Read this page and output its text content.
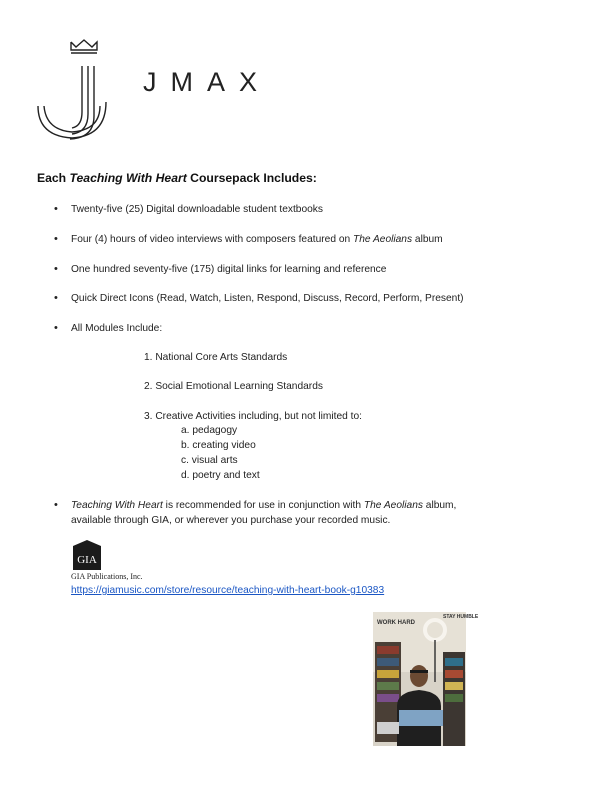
JMAX
Each Teaching With Heart Coursepack Includes:
• Twenty-five (25) Digital downloadable student textbooks
• Four (4) hours of video interviews with composers featured on The Aeolians album
• One hundred seventy-five (175) digital links for learning and reference
• Quick Direct Icons (Read, Watch, Listen, Respond, Discuss, Record, Perform, Present)
• All Modules Include:
1. National Core Arts Standards
2. Social Emotional Learning Standards
3. Creative Activities including, but not limited to:
a. pedagogy
b. creating video
c. visual arts
d. poetry and text
• Teaching With Heart is recommended for use in conjunction with The Aeolians album,
available through GIA, or wherever you purchase your recorded music.
GIA
GIA Publications, Inc.
https://giamusic.com/store/resource/teaching-with-heart-book-g10383
WORK HARD
STAY HUMBLE
